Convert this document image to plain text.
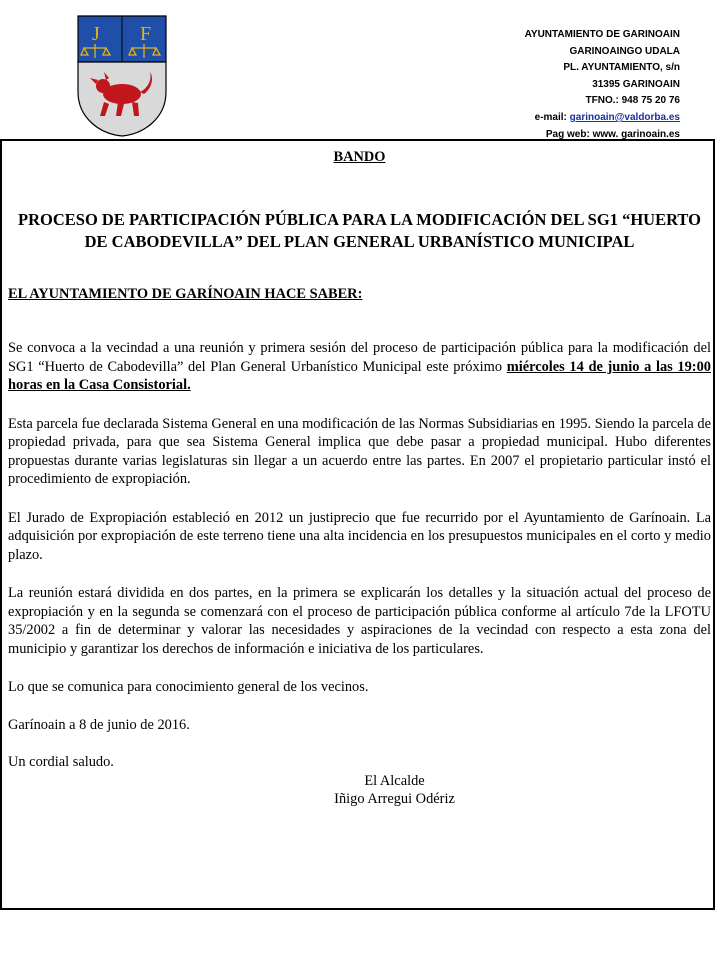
J F	AYUNTAMIENTO DE GARINOAIN
GARINOAINGO UDALA
PL. AYUNTAMIENTO, s/n
31395 GARINOAIN
TFNO.: 948 75 20 76
e-mail: garinoain@valdorba.es
Pag web: www. garinoain.es
BANDO
PROCESO DE PARTICIPACIÓN PÚBLICA PARA LA MODIFICACIÓN DEL SG1 “HUERTO DE CABODEVILLA” DEL PLAN GENERAL URBANÍSTICO MUNICIPAL
EL AYUNTAMIENTO DE GARÍNOAIN HACE SABER:
Se convoca a la vecindad a una reunión y primera sesión del proceso de participación pública para la modificación del SG1 “Huerto de Cabodevilla” del Plan General Urbanístico Municipal este próximo miércoles 14 de junio a las 19:00 horas en la Casa Consistorial.
Esta parcela fue declarada Sistema General en una modificación de las Normas Subsidiarias en 1995. Siendo la parcela de propiedad privada, para que sea Sistema General implica que debe pasar a propiedad municipal. Hubo diferentes propuestas durante varias legislaturas sin llegar a un acuerdo entre las partes. En 2007 el propietario particular instó el procedimiento de expropiación.
El Jurado de Expropiación estableció en 2012 un justiprecio que fue recurrido por el Ayuntamiento de Garínoain. La adquisición por expropiación de este terreno tiene una alta incidencia en los presupuestos municipales en el corto y medio plazo.
La reunión estará dividida en dos partes, en la primera se explicarán los detalles y la situación actual del proceso de expropiación y en la segunda se comenzará con el proceso de participación pública conforme al artículo 7de la LFOTU 35/2002 a fin de determinar y valorar las necesidades y aspiraciones de la vecindad con respecto a esta zona del municipio y garantizar los derechos de información e iniciativa de los particulares.
Lo que se comunica para conocimiento general de los vecinos.
Garínoain a 8 de junio de 2016.
Un cordial saludo.
El Alcalde
Iñigo Arregui Odériz
